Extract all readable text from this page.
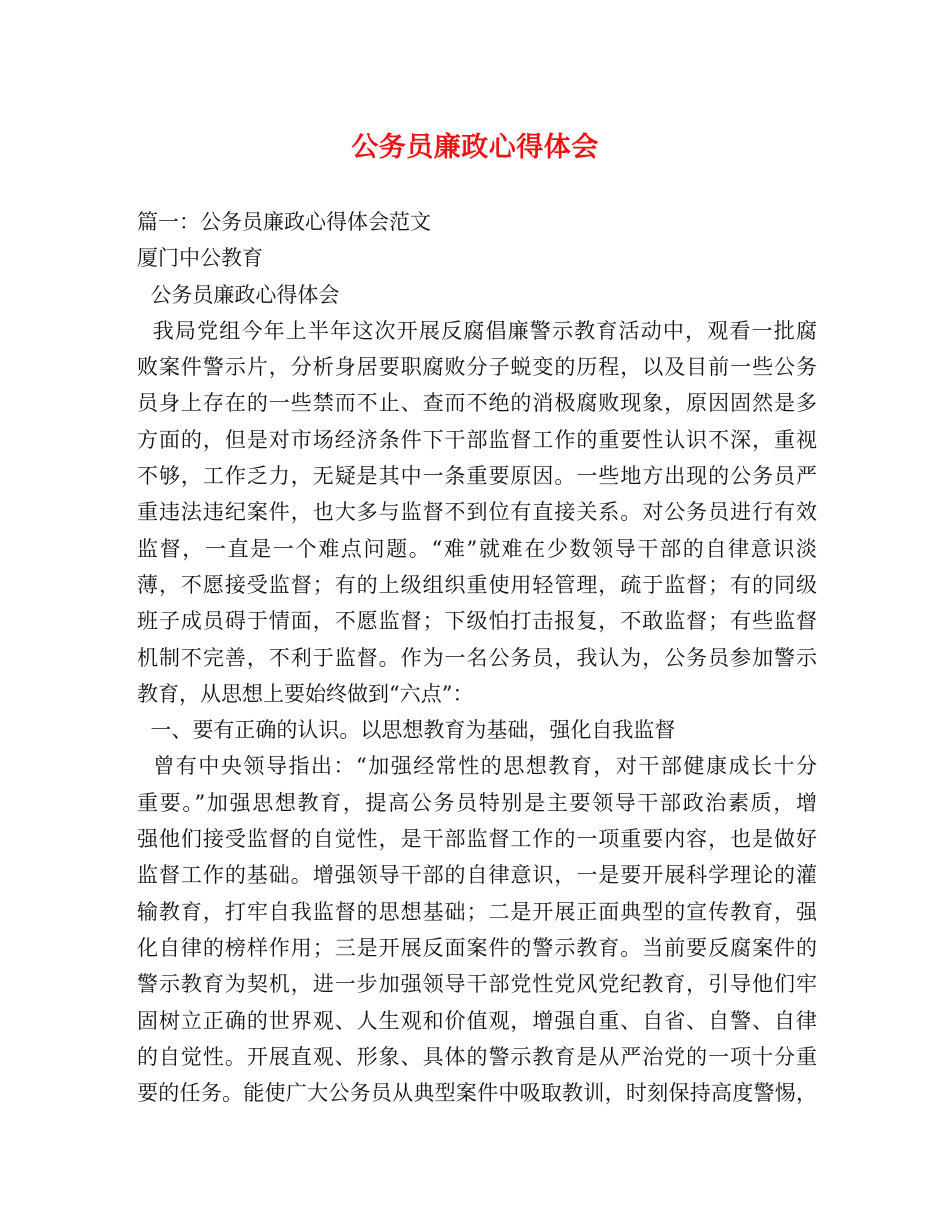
公务员廉政心得体会
篇一：公务员廉政心得体会范文
厦门中公教育
公务员廉政心得体会
我局党组今年上半年这次开展反腐倡廉警示教育活动中，观看一批腐
败案件警示片，分析身居要职腐败分子蜕变的历程，以及目前一些公务
员身上存在的一些禁而不止、查而不绝的消极腐败现象，原因固然是多
方面的，但是对市场经济条件下干部监督工作的重要性认识不深，重视
不够，工作乏力，无疑是其中一条重要原因。一些地方出现的公务员严
重违法违纪案件，也大多与监督不到位有直接关系。对公务员进行有效
监督，一直是一个难点问题。“难”就难在少数领导干部的自律意识淡
薄，不愿接受监督；有的上级组织重使用轻管理，疏于监督；有的同级
班子成员碍于情面，不愿监督；下级怕打击报复，不敢监督；有些监督
机制不完善，不利于监督。作为一名公务员，我认为，公务员参加警示
教育，从思想上要始终做到“六点”：
一、要有正确的认识。以思想教育为基础，强化自我监督
曾有中央领导指出：“加强经常性的思想教育，对干部健康成长十分
重要。”加强思想教育，提高公务员特别是主要领导干部政治素质，增
强他们接受监督的自觉性，是干部监督工作的一项重要内容，也是做好
监督工作的基础。增强领导干部的自律意识，一是要开展科学理论的灌
输教育，打牢自我监督的思想基础；二是开展正面典型的宣传教育，强
化自律的榜样作用；三是开展反面案件的警示教育。当前要反腐案件的
警示教育为契机，进一步加强领导干部党性党风党纪教育，引导他们牢
固树立正确的世界观、人生观和价值观，增强自重、自省、自警、自律
的自觉性。开展直观、形象、具体的警示教育是从严治党的一项十分重
要的任务。能使广大公务员从典型案件中吸取教训，时刻保持高度警惕，
